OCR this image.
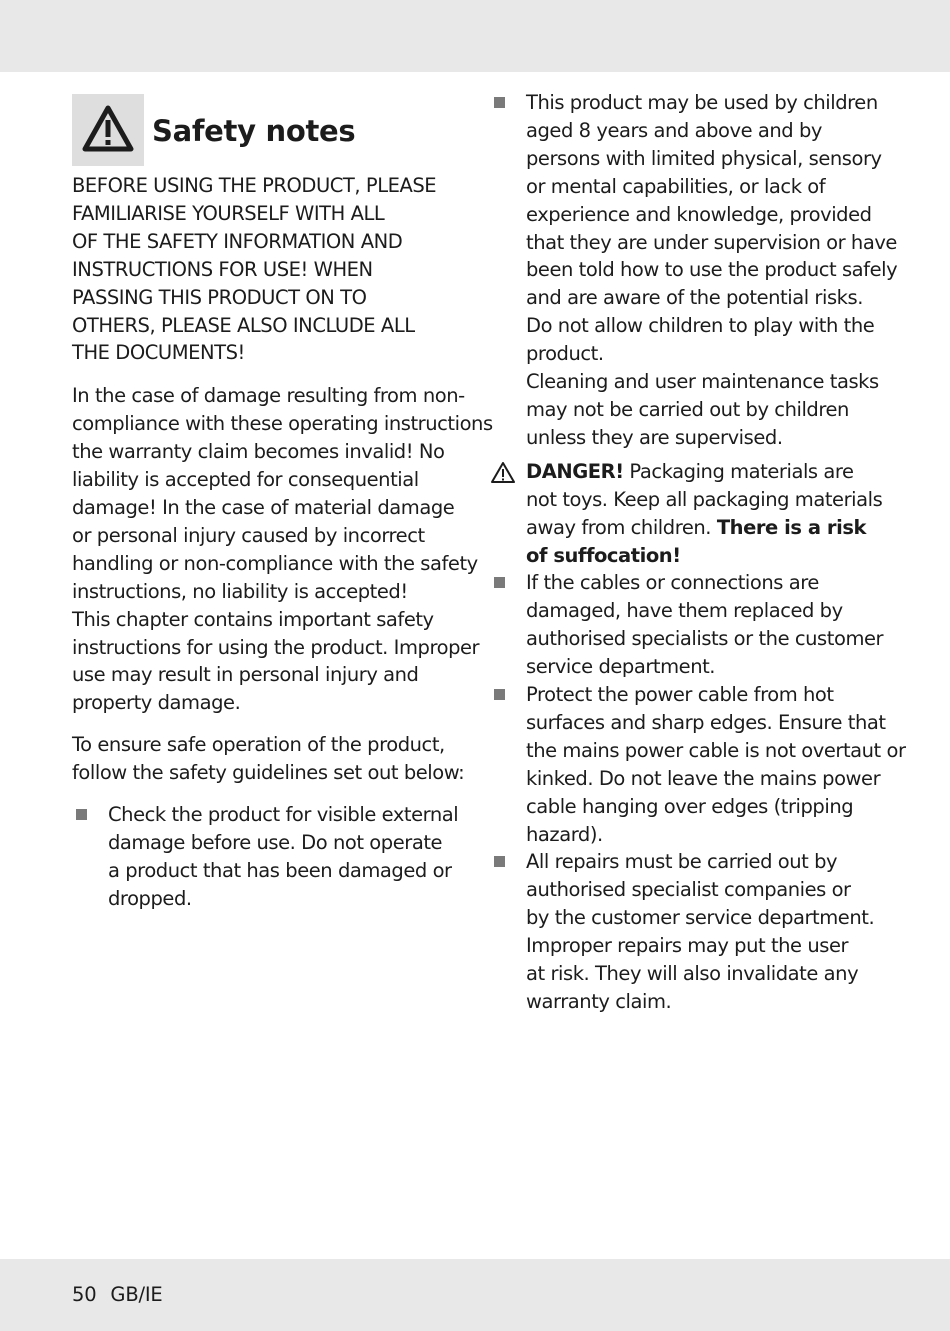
Safety notes
BEFORE USING THE PRODUCT, PLEASE
FAMILIARISE YOURSELF WITH ALL
OF THE SAFETY INFORMATION AND
INSTRUCTIONS FOR USE! WHEN
PASSING THIS PRODUCT ON TO
OTHERS, PLEASE ALSO INCLUDE ALL
THE DOCUMENTS!
In the case of damage resulting from non-
compliance with these operating instructions
the warranty claim becomes invalid! No
liability is accepted for consequential
damage! In the case of material damage
or personal injury caused by incorrect
handling or non-compliance with the safety
instructions, no liability is accepted!
This chapter contains important safety
instructions for using the product. Improper
use may result in personal injury and
property damage.
To ensure safe operation of the product,
follow the safety guidelines set out below:
Check the product for visible external
damage before use. Do not operate
a product that has been damaged or
dropped.
This product may be used by children
aged 8 years and above and by
persons with limited physical, sensory
or mental capabilities, or lack of
experience and knowledge, provided
that they are under supervision or have
been told how to use the product safely
and are aware of the potential risks.
Do not allow children to play with the
product.
Cleaning and user maintenance tasks
may not be carried out by children
unless they are supervised.
DANGER! Packaging materials are
not toys. Keep all packaging materials
away from children. There is a risk
of suffocation!
If the cables or connections are
damaged, have them replaced by
authorised specialists or the customer
service department.
Protect the power cable from hot
surfaces and sharp edges. Ensure that
the mains power cable is not overtaut or
kinked. Do not leave the mains power
cable hanging over edges (tripping
hazard).
All repairs must be carried out by
authorised specialist companies or
by the customer service department.
Improper repairs may put the user
at risk. They will also invalidate any
warranty claim.
50 GB/IE
